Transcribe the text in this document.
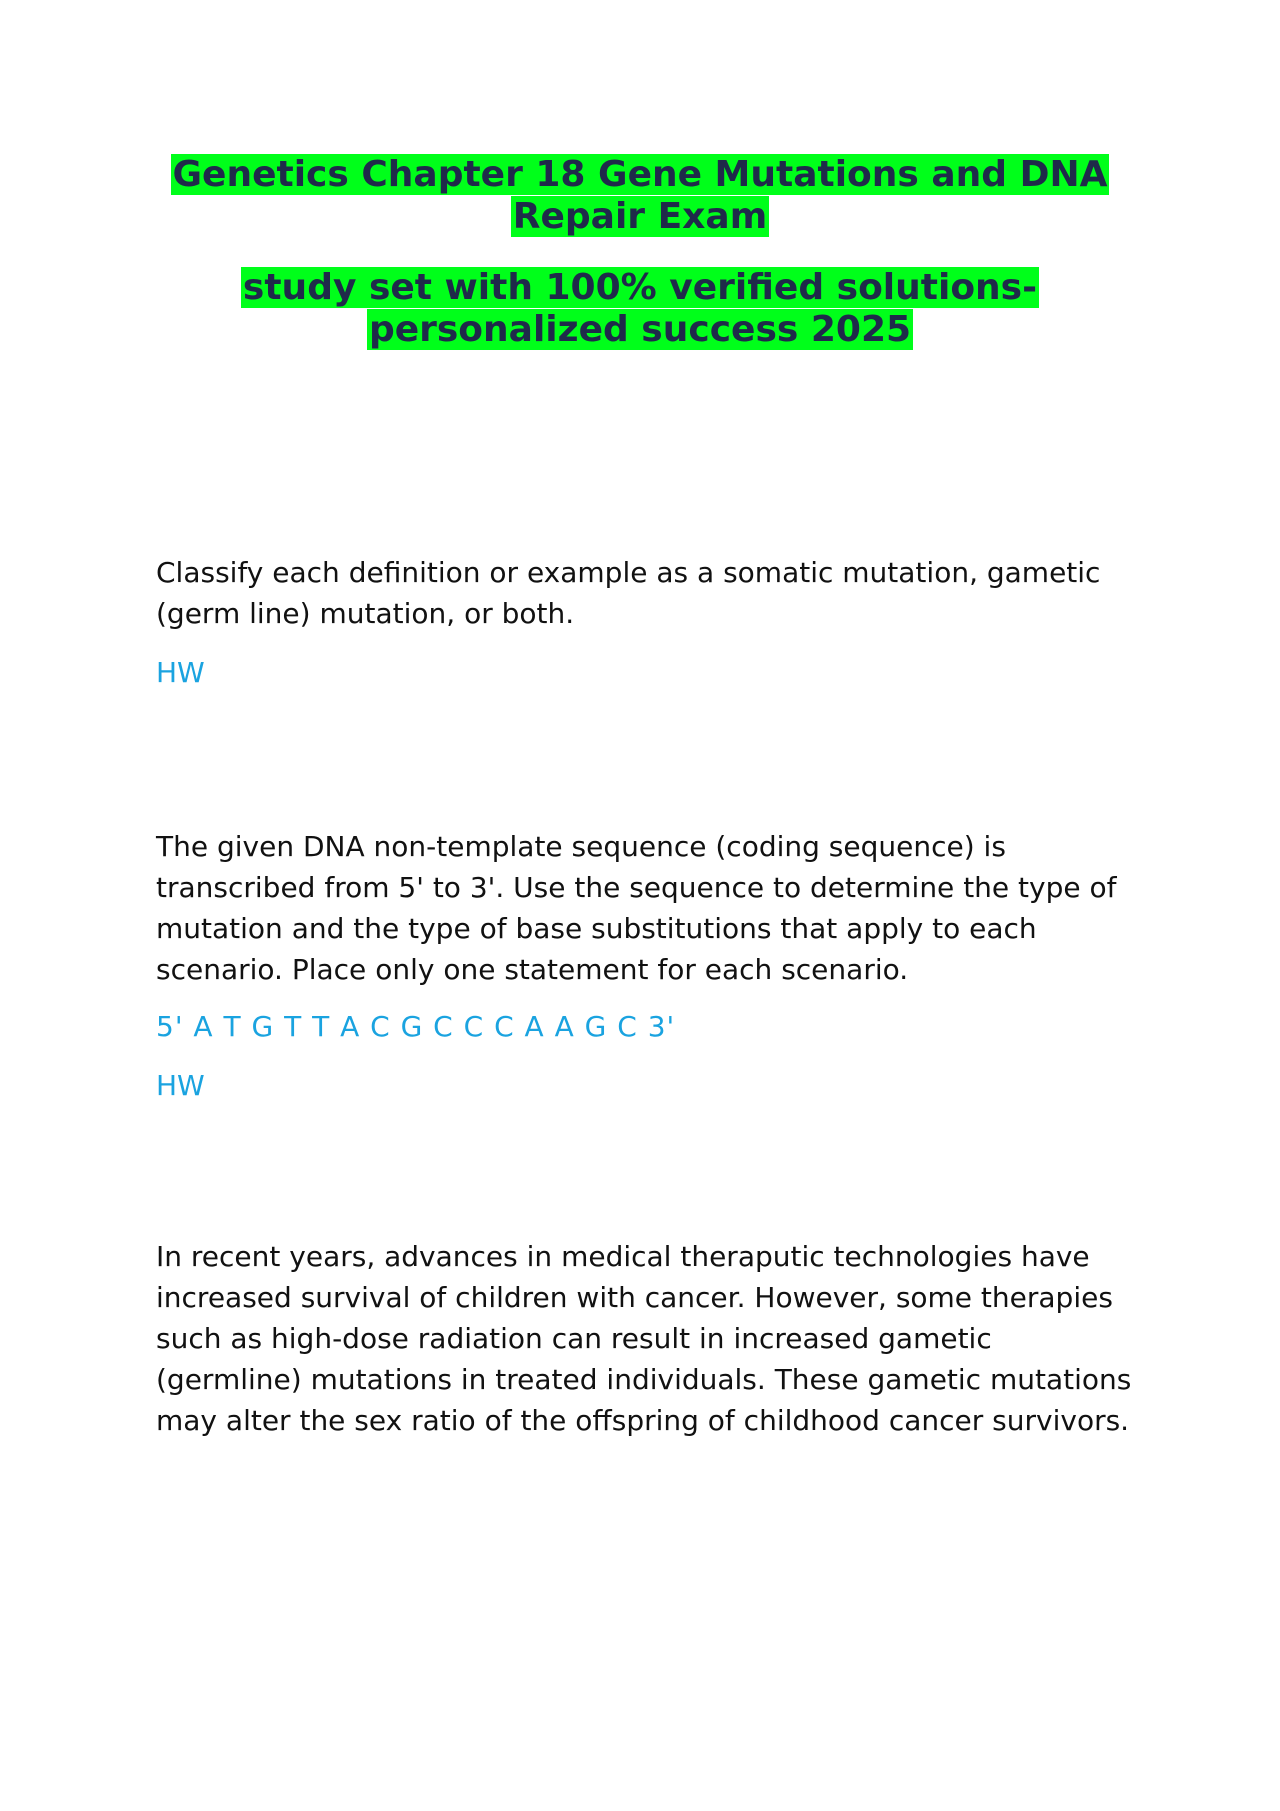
Genetics Chapter 18 Gene Mutations and DNA Repair Exam
study set with 100% verified solutions- personalized success 2025
Classify each definition or example as a somatic mutation, gametic (germ line) mutation, or both.
HW
The given DNA non-template sequence (coding sequence) is transcribed from 5' to 3'. Use the sequence to determine the type of mutation and the type of base substitutions that apply to each scenario. Place only one statement for each scenario.
5' A T G T T A C G C C C A A G C 3'
HW
In recent years, advances in medical theraputic technologies have increased survival of children with cancer. However, some therapies such as high-dose radiation can result in increased gametic (germline) mutations in treated individuals. These gametic mutations may alter the sex ratio of the offspring of childhood cancer survivors.
